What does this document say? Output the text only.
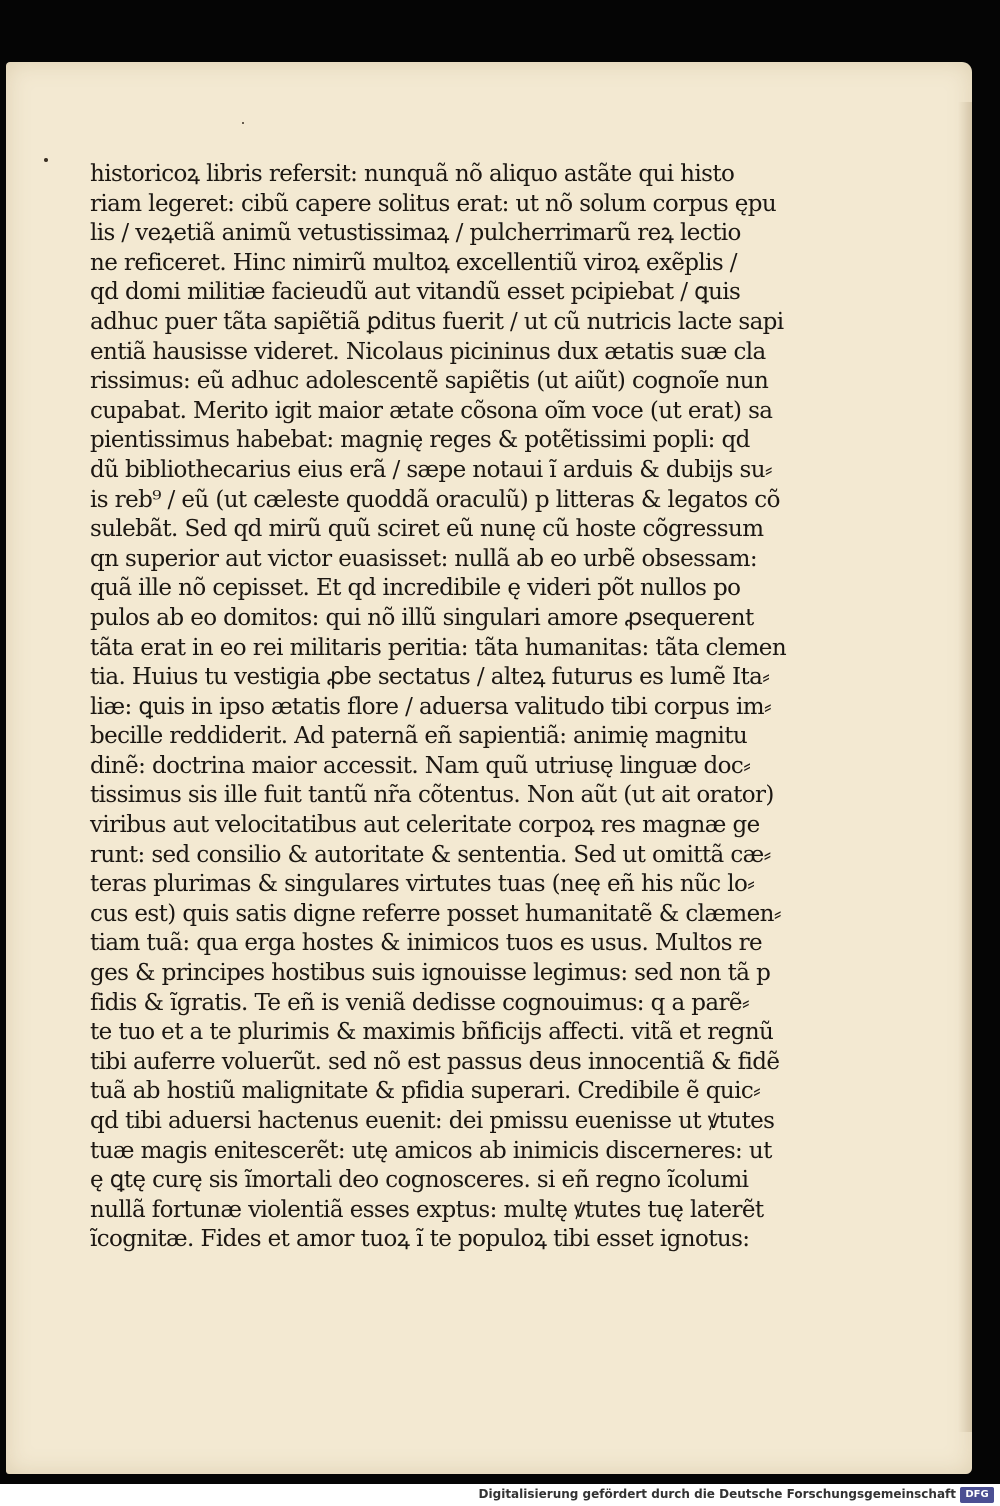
historicoꝝ libris refersit: nunquã nõ aliquo astãte qui histo
riam legeret: cibũ capere solitus erat: ut nõ solum corpus ępu
lis / veꝝetiã animũ vetustissimaꝝ / pulcherrimarũ reꝝ lectio
ne reficeret. Hinc nimirũ multoꝝ excellentiũ viroꝝ exẽplis /
qd domi militiæ facieudũ aut vitandũ esset pcipiebat / ꝗuis
adhuc puer tãta sapiẽtiã ꝑditus fuerit / ut cũ nutricis lacte sapi
entiã hausisse videret. Nicolaus picininus dux ætatis suæ cla
rissimus: eũ adhuc adolescentẽ sapiẽtis (ut aiũt) cognoĩe nun
cupabat. Merito igit maior ætate cõsona oĩm voce (ut erat) sa
pientissimus habebat: magnię reges & potẽtissimi popli: qd
dũ bibliothecarius eius erã / sæpe notaui ĩ arduis & dubijs su⸗
is reb⁹ / eũ (ut cæleste quoddã oraculũ) p litteras & legatos cõ
sulebãt. Sed qd mirũ quũ sciret eũ nunę cũ hoste cõgressum
qn superior aut victor euasisset: nullã ab eo urbẽ obsessam:
quã ille nõ cepisset. Et qd incredibile ę videri põt nullos po
pulos ab eo domitos: qui nõ illũ singulari amore ꝓsequerent
tãta erat in eo rei militaris peritia: tãta humanitas: tãta clemen
tia. Huius tu vestigia ꝓbe sectatus / alteꝝ futurus es lumẽ Ita⸗
liæ: ꝗuis in ipso ætatis flore / aduersa valitudo tibi corpus im⸗
becille reddiderit. Ad paternã eñ sapientiã: animię magnitu
dinẽ: doctrina maior accessit. Nam quũ utriusę linguæ doc⸗
tissimus sis ille fuit tantũ nr̃a cõtentus. Non aũt (ut ait orator)
viribus aut velocitatibus aut celeritate corpoꝝ res magnæ ge
runt: sed consilio & autoritate & sententia. Sed ut omittã cæ⸗
teras plurimas & singulares virtutes tuas (neę eñ his nũc lo⸗
cus est) quis satis digne referre posset humanitatẽ & clæmen⸗
tiam tuã: qua erga hostes & inimicos tuos es usus. Multos re
ges & principes hostibus suis ignouisse legimus: sed non tã p
fidis & ĩgratis. Te eñ is veniã dedisse cognouimus: q a parẽ⸗
te tuo et a te plurimis & maximis bñficijs affecti. vitã et regnũ
tibi auferre voluerũt. sed nõ est passus deus innocentiã & fidẽ
tuã ab hostiũ malignitate & pfidia superari. Credibile ẽ quic⸗
qd tibi aduersi hactenus euenit: dei pmissu euenisse ut ꝟtutes
tuæ magis enitescerẽt: utę amicos ab inimicis discerneres: ut
ę ꝗtę curę sis ĩmortali deo cognosceres. si eñ regno ĩcolumi
nullã fortunæ violentiã esses exptus: multę ꝟtutes tuę laterẽt
ĩcognitæ. Fides et amor tuoꝝ ĩ te populoꝝ tibi esset ignotus:
Digitalisierung gefördert durch die Deutsche Forschungsgemeinschaft DFG
